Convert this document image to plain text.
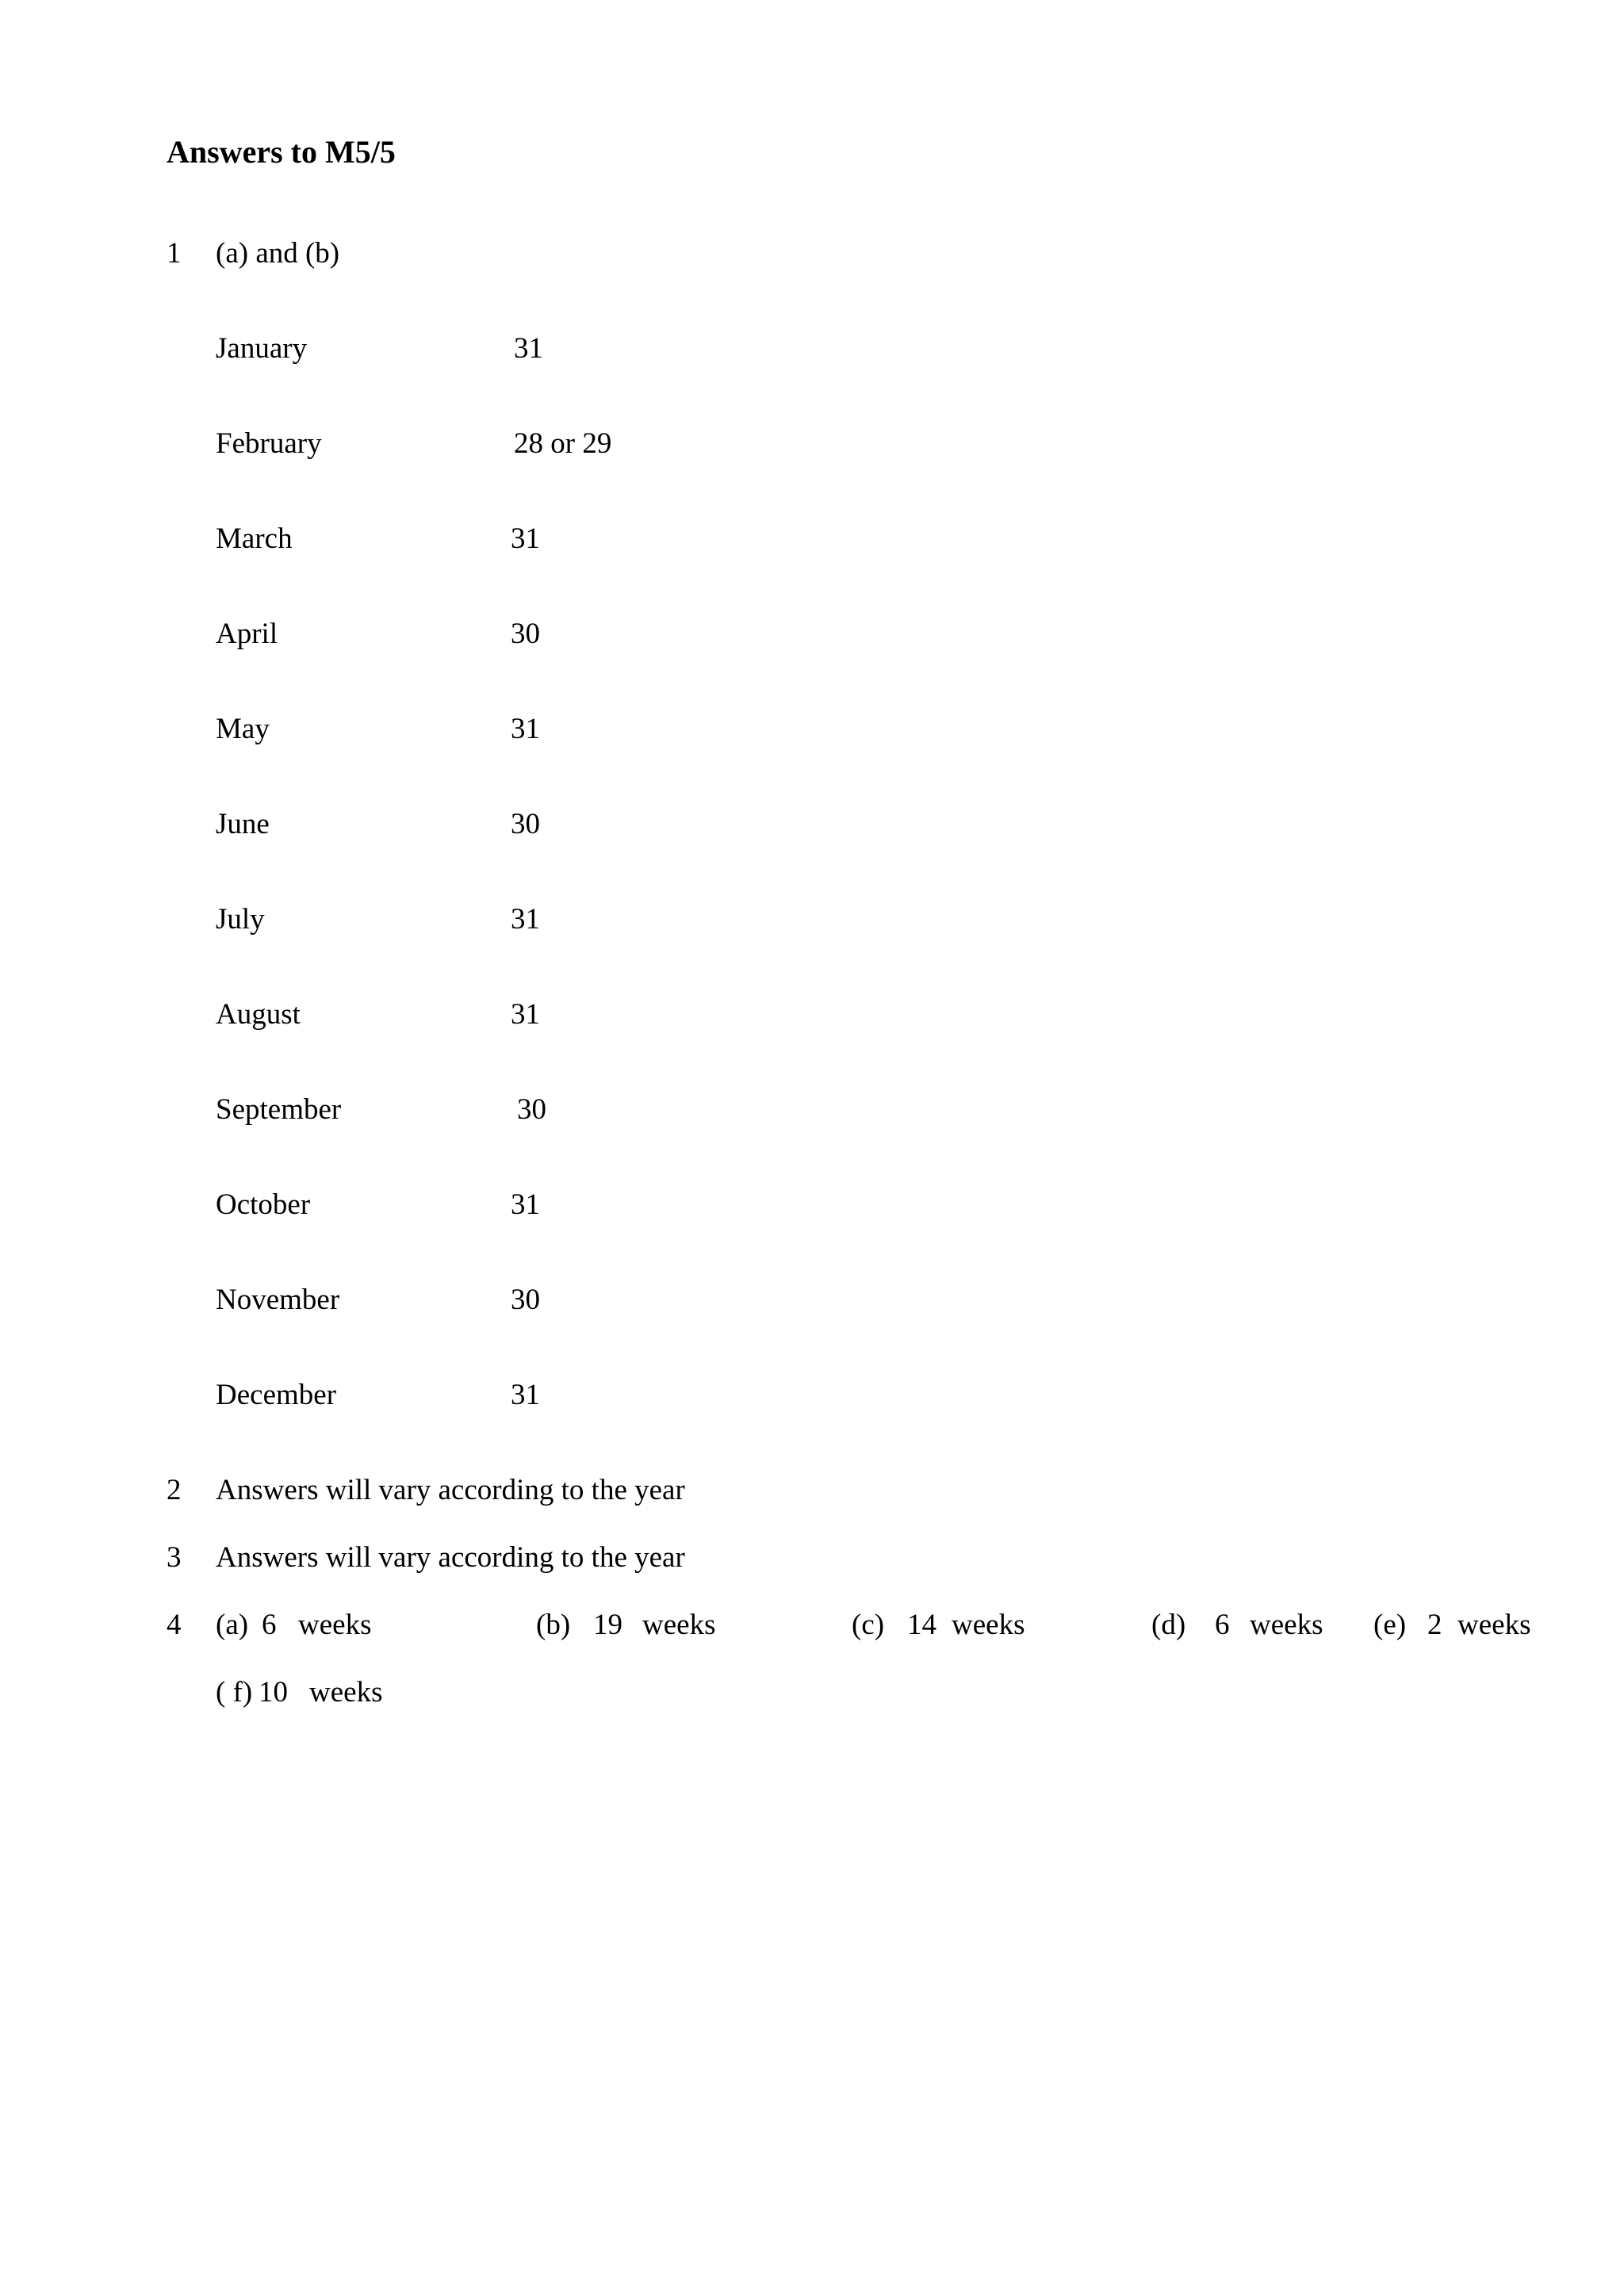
Answers to M5/5
1 (a) and (b)
January	31
February	28 or 29
March	31
April	30
May	31
June	30
July	31
August	31
September	30
October	31
November	30
December	31
2 Answers will vary according to the year
3 Answers will vary according to the year
4 (a) 6 weeks	(b) 19 weeks	(c) 14 weeks	(d) 6 weeks (e) 2 weeks
( f) 10 weeks
